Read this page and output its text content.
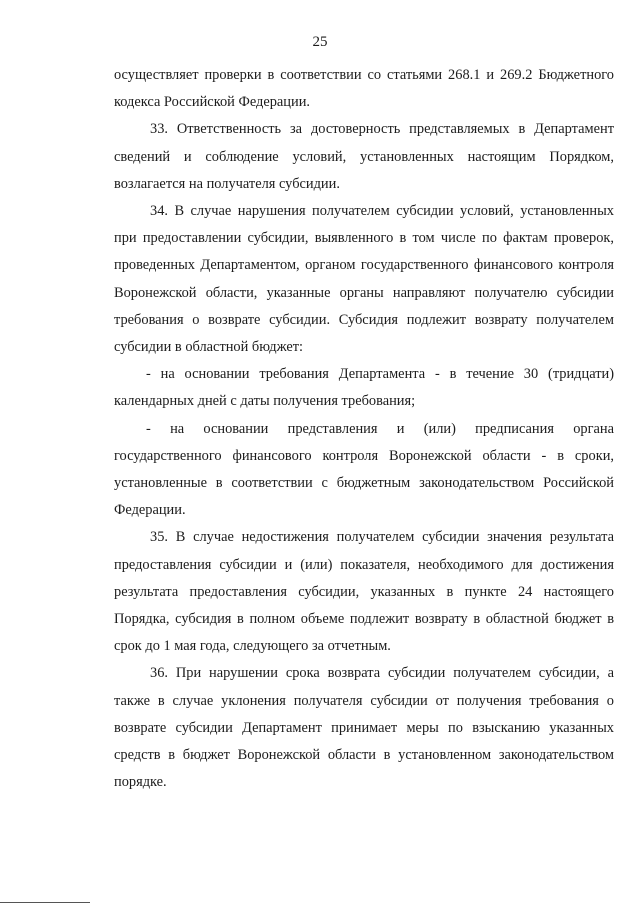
25

осуществляет проверки в соответствии со статьями 268.1 и 269.2 Бюджетного кодекса Российской Федерации.

33. Ответственность за достоверность представляемых в Департамент сведений и соблюдение условий, установленных настоящим Порядком, возлагается на получателя субсидии.

34. В случае нарушения получателем субсидии условий, установленных при предоставлении субсидии, выявленного в том числе по фактам проверок, проведенных Департаментом, органом государственного финансового контроля Воронежской области, указанные органы направляют получателю субсидии требования о возврате субсидии. Субсидия подлежит возврату получателем субсидии в областной бюджет:

- на основании требования Департамента - в течение 30 (тридцати) календарных дней с даты получения требования;

- на основании представления и (или) предписания органа государственного финансового контроля Воронежской области - в сроки, установленные в соответствии с бюджетным законодательством Российской Федерации.

35. В случае недостижения получателем субсидии значения результата предоставления субсидии и (или) показателя, необходимого для достижения результата предоставления субсидии, указанных в пункте 24 настоящего Порядка, субсидия в полном объеме подлежит возврату в областной бюджет в срок до 1 мая года, следующего за отчетным.

36. При нарушении срока возврата субсидии получателем субсидии, а также в случае уклонения получателя субсидии от получения требования о возврате субсидии Департамент принимает меры по взысканию указанных средств в бюджет Воронежской области в установленном законодательством порядке.
